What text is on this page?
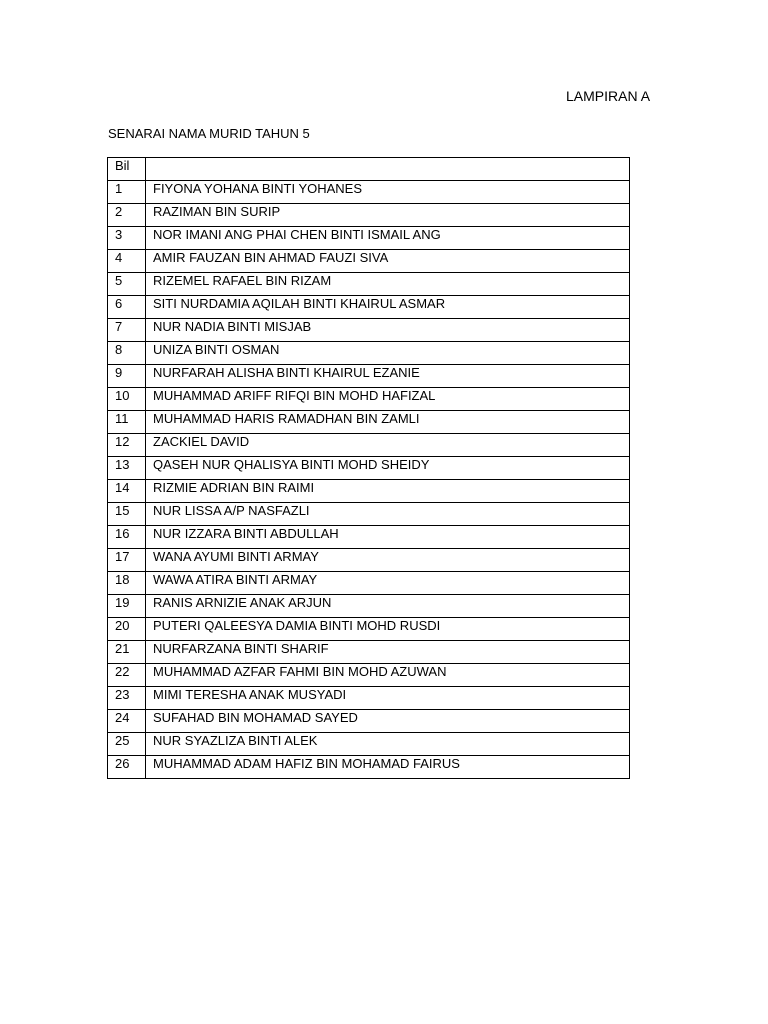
LAMPIRAN A
SENARAI NAMA MURID TAHUN 5
Bil	
1	FIYONA YOHANA BINTI YOHANES
2	RAZIMAN BIN SURIP
3	NOR IMANI ANG PHAI CHEN BINTI ISMAIL ANG
4	AMIR FAUZAN BIN AHMAD FAUZI SIVA
5	RIZEMEL RAFAEL BIN RIZAM
6	SITI NURDAMIA AQILAH BINTI KHAIRUL ASMAR
7	NUR NADIA BINTI MISJAB
8	UNIZA BINTI OSMAN
9	NURFARAH ALISHA BINTI KHAIRUL EZANIE
10	MUHAMMAD ARIFF RIFQI BIN MOHD HAFIZAL
11	MUHAMMAD HARIS RAMADHAN BIN ZAMLI
12	ZACKIEL DAVID
13	QASEH NUR QHALISYA BINTI MOHD SHEIDY
14	RIZMIE ADRIAN BIN RAIMI
15	NUR LISSA A/P NASFAZLI
16	NUR IZZARA BINTI ABDULLAH
17	WANA AYUMI BINTI ARMAY
18	WAWA ATIRA BINTI ARMAY
19	RANIS ARNIZIE ANAK ARJUN
20	PUTERI QALEESYA DAMIA BINTI MOHD RUSDI
21	NURFARZANA BINTI SHARIF
22	MUHAMMAD AZFAR FAHMI BIN MOHD AZUWAN
23	MIMI TERESHA ANAK MUSYADI
24	SUFAHAD BIN MOHAMAD SAYED
25	NUR SYAZLIZA BINTI ALEK
26	MUHAMMAD ADAM HAFIZ BIN MOHAMAD FAIRUS
